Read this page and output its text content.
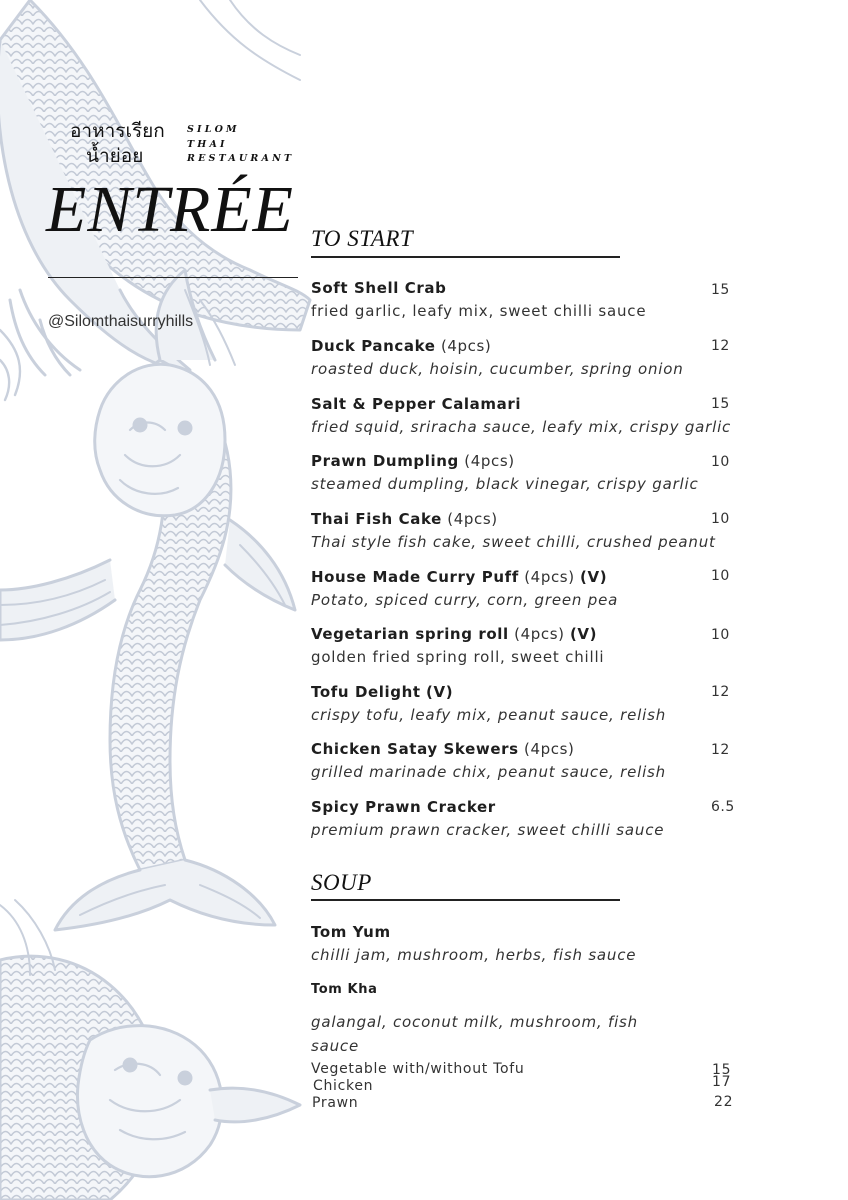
อาหารเรียก
น้ำย่อย
SILOM
THAI
RESTAURANT
ENTRÉE
@Silomthaisurryhills
TO START
Soft Shell Crab
fried garlic, leafy mix, sweet chilli sauce
15
Duck Pancake (4pcs)
roasted duck, hoisin, cucumber, spring onion
12
Salt & Pepper Calamari
fried squid, sriracha sauce, leafy mix, crispy garlic
15
Prawn Dumpling (4pcs)
steamed dumpling, black vinegar, crispy garlic
10
Thai Fish Cake (4pcs)
Thai style fish cake, sweet chilli, crushed peanut
10
House Made Curry Puff (4pcs) (V)
Potato, spiced curry, corn, green pea
10
Vegetarian spring roll (4pcs) (V)
golden fried spring roll, sweet chilli
10
Tofu Delight (V)
crispy tofu, leafy mix, peanut sauce, relish
12
Chicken Satay Skewers (4pcs)
grilled marinade chix, peanut sauce, relish
12
Spicy Prawn Cracker
premium prawn cracker, sweet chilli sauce
6.5
SOUP
Tom Yum
chilli jam, mushroom, herbs, fish sauce
Tom Kha
galangal, coconut milk, mushroom, fish
sauce
Vegetable with/without Tofu
Chicken
Prawn
15
17
22
